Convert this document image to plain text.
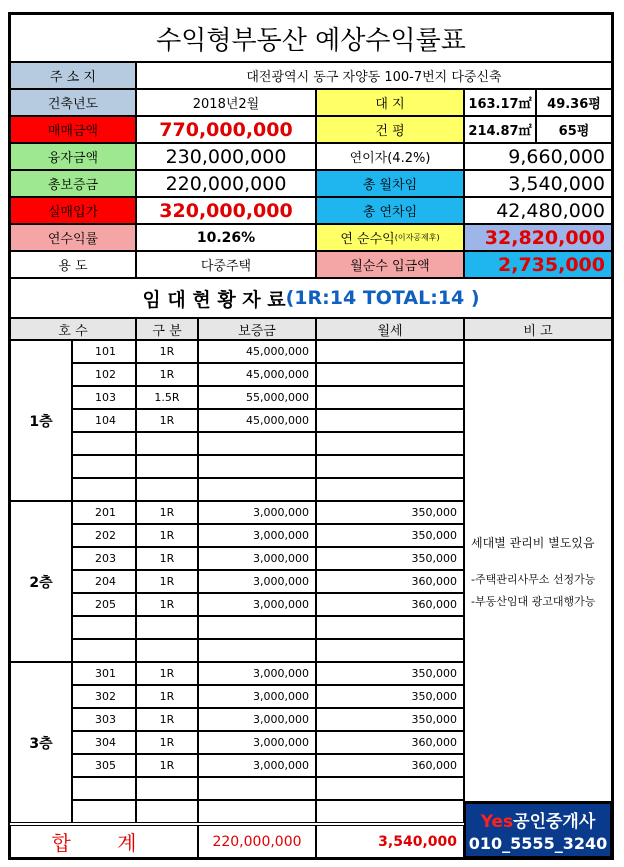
수익형부동산 예상수익률표
주 소 지	대전광역시 동구 자양동 100-7번지 다중신축
건축년도	2018년2월	대 지	163.17㎡	49.36평
매매금액	770,000,000	건 평	214.87㎡	65평
융자금액	230,000,000	연이자(4.2%)	9,660,000
총보증금	220,000,000	총 월차임	3,540,000
실매입가	320,000,000	총 연차임	42,480,000
연수익률	10.26%	연 순수익 (이자공제후)	32,820,000
용 도	다중주택	월순수 입금액	2,735,000
임 대 현 황 자 료 (1R:14 TOTAL:14 )
호 수	구 분	보증금	월세	비 고
1층
101	1R	45,000,000
102	1R	45,000,000
103	1.5R	55,000,000
104	1R	45,000,000
2층
201	1R	3,000,000	350,000
202	1R	3,000,000	350,000
203	1R	3,000,000	350,000
204	1R	3,000,000	360,000
205	1R	3,000,000	360,000
3층
301	1R	3,000,000	350,000
302	1R	3,000,000	350,000
303	1R	3,000,000	350,000
304	1R	3,000,000	360,000
305	1R	3,000,000	360,000
세대별 관리비 별도있음
-주택관리사무소 선정가능
-부동산임대 광고대행가능
합 계	220,000,000	3,540,000
Yes공인중개사
010_5555_3240
